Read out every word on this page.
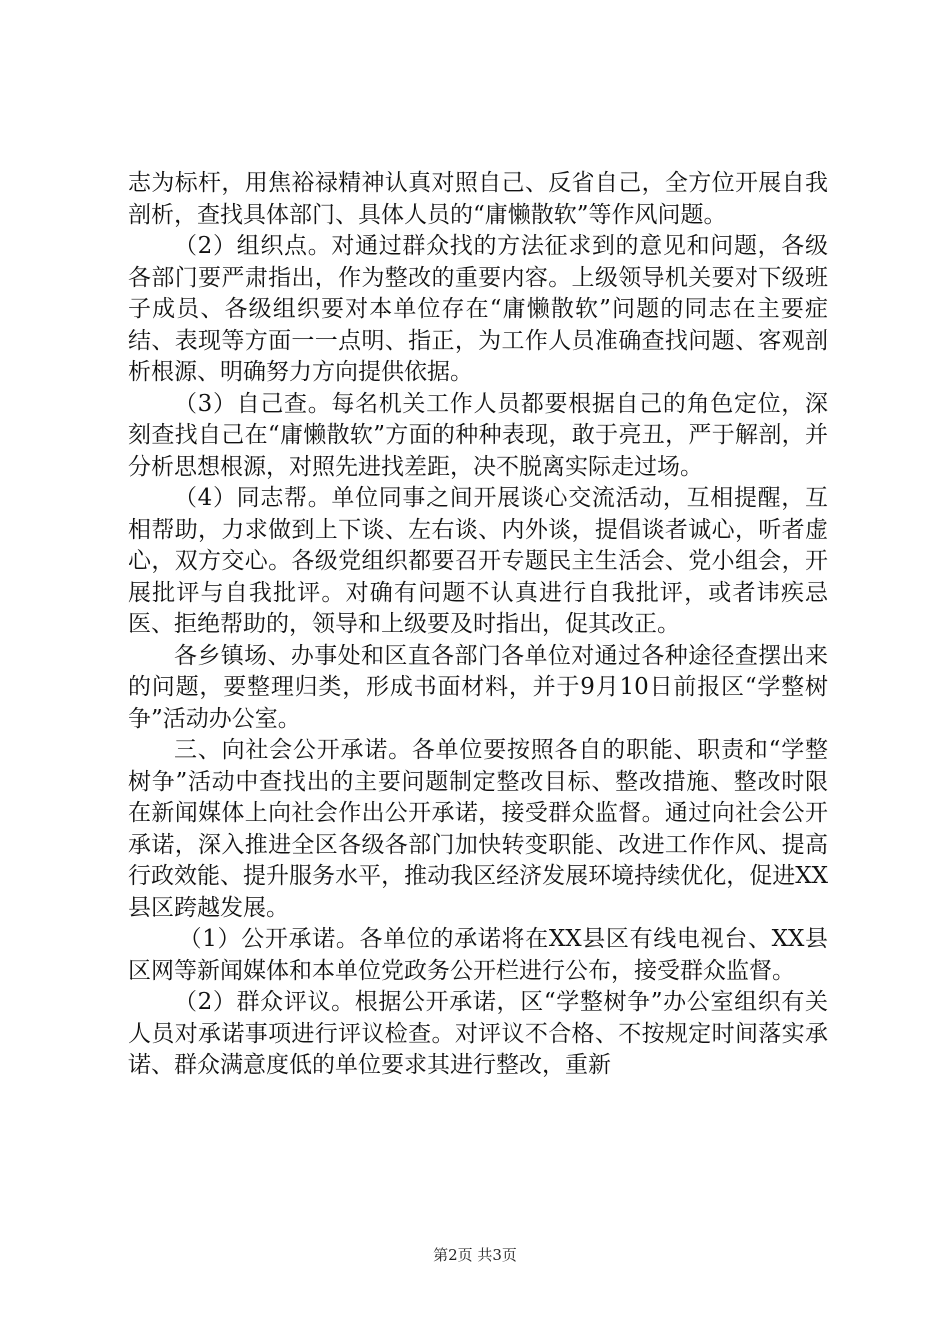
志为标杆，用焦裕禄精神认真对照自己、反省自己，全方位开展自我剖析，查找具体部门、具体人员的“庸懒散软”等作风问题。

（2）组织点。对通过群众找的方法征求到的意见和问题，各级各部门要严肃指出，作为整改的重要内容。上级领导机关要对下级班子成员、各级组织要对本单位存在“庸懒散软”问题的同志在主要症结、表现等方面一一点明、指正，为工作人员准确查找问题、客观剖析根源、明确努力方向提供依据。

（3）自己查。每名机关工作人员都要根据自己的角色定位，深刻查找自己在“庸懒散软”方面的种种表现，敢于亮丑，严于解剖，并分析思想根源，对照先进找差距，决不脱离实际走过场。

（4）同志帮。单位同事之间开展谈心交流活动，互相提醒，互相帮助，力求做到上下谈、左右谈、内外谈，提倡谈者诚心，听者虚心，双方交心。各级党组织都要召开专题民主生活会、党小组会，开展批评与自我批评。对确有问题不认真进行自我批评，或者讳疾忌医、拒绝帮助的，领导和上级要及时指出，促其改正。

各乡镇场、办事处和区直各部门各单位对通过各种途径查摆出来的问题，要整理归类，形成书面材料，并于9月10日前报区“学整树争”活动办公室。

三、向社会公开承诺。各单位要按照各自的职能、职责和“学整树争”活动中查找出的主要问题制定整改目标、整改措施、整改时限在新闻媒体上向社会作出公开承诺，接受群众监督。通过向社会公开承诺，深入推进全区各级各部门加快转变职能、改进工作作风、提高行政效能、提升服务水平，推动我区经济发展环境持续优化，促进XX县区跨越发展。

（1）公开承诺。各单位的承诺将在XX县区有线电视台、XX县区网等新闻媒体和本单位党政务公开栏进行公布，接受群众监督。

（2）群众评议。根据公开承诺，区“学整树争”办公室组织有关人员对承诺事项进行评议检查。对评议不合格、不按规定时间落实承诺、群众满意度低的单位要求其进行整改，重新

第2页 共3页
